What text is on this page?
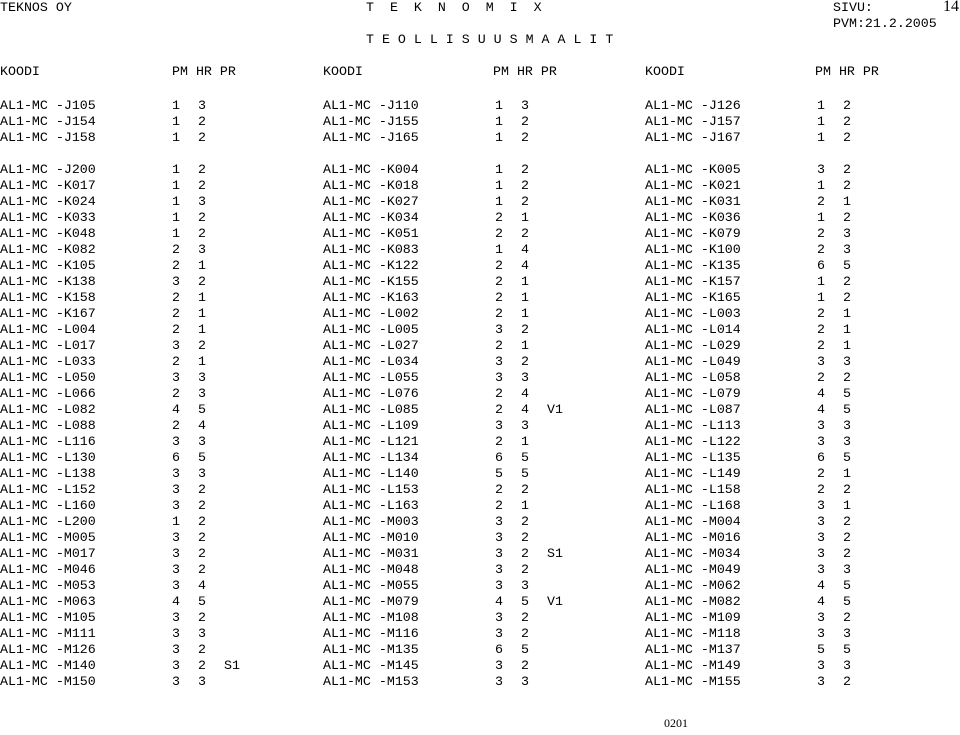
TEKNOS OY	T  E  K  N  O  M  I  X	SIVU:	14
T E O L L I S U U S M A A L I T
PVM:21.2.2005
KOODI	PM HR PR	KOODI	PM HR PR	KOODI	PM HR PR
AL1-MC -J105	1 3	AL1-MC -J110	1 3	AL1-MC -J126	1 2
AL1-MC -J154	1 2	AL1-MC -J155	1 2	AL1-MC -J157	1 2
AL1-MC -J158	1 2	AL1-MC -J165	1 2	AL1-MC -J167	1 2
AL1-MC -J200	1 2	AL1-MC -K004	1 2	AL1-MC -K005	3 2
AL1-MC -K017	1 2	AL1-MC -K018	1 2	AL1-MC -K021	1 2
AL1-MC -K024	1 3	AL1-MC -K027	1 2	AL1-MC -K031	2 1
AL1-MC -K033	1 2	AL1-MC -K034	2 1	AL1-MC -K036	1 2
AL1-MC -K048	1 2	AL1-MC -K051	2 2	AL1-MC -K079	2 3
AL1-MC -K082	2 3	AL1-MC -K083	1 4	AL1-MC -K100	2 3
AL1-MC -K105	2 1	AL1-MC -K122	2 4	AL1-MC -K135	6 5
AL1-MC -K138	3 2	AL1-MC -K155	2 1	AL1-MC -K157	1 2
AL1-MC -K158	2 1	AL1-MC -K163	2 1	AL1-MC -K165	1 2
AL1-MC -K167	2 1	AL1-MC -L002	2 1	AL1-MC -L003	2 1
AL1-MC -L004	2 1	AL1-MC -L005	3 2	AL1-MC -L014	2 1
AL1-MC -L017	3 2	AL1-MC -L027	2 1	AL1-MC -L029	2 1
AL1-MC -L033	2 1	AL1-MC -L034	3 2	AL1-MC -L049	3 3
AL1-MC -L050	3 3	AL1-MC -L055	3 3	AL1-MC -L058	2 2
AL1-MC -L066	2 3	AL1-MC -L076	2 4	AL1-MC -L079	4 5
AL1-MC -L082	4 5	AL1-MC -L085	2 4 V1	AL1-MC -L087	4 5
AL1-MC -L088	2 4	AL1-MC -L109	3 3	AL1-MC -L113	3 3
AL1-MC -L116	3 3	AL1-MC -L121	2 1	AL1-MC -L122	3 3
AL1-MC -L130	6 5	AL1-MC -L134	6 5	AL1-MC -L135	6 5
AL1-MC -L138	3 3	AL1-MC -L140	5 5	AL1-MC -L149	2 1
AL1-MC -L152	3 2	AL1-MC -L153	2 2	AL1-MC -L158	2 2
AL1-MC -L160	3 2	AL1-MC -L163	2 1	AL1-MC -L168	3 1
AL1-MC -L200	1 2	AL1-MC -M003	3 2	AL1-MC -M004	3 2
AL1-MC -M005	3 2	AL1-MC -M010	3 2	AL1-MC -M016	3 2
AL1-MC -M017	3 2	AL1-MC -M031	3 2 S1	AL1-MC -M034	3 2
AL1-MC -M046	3 2	AL1-MC -M048	3 2	AL1-MC -M049	3 3
AL1-MC -M053	3 4	AL1-MC -M055	3 3	AL1-MC -M062	4 5
AL1-MC -M063	4 5	AL1-MC -M079	4 5 V1	AL1-MC -M082	4 5
AL1-MC -M105	3 2	AL1-MC -M108	3 2	AL1-MC -M109	3 2
AL1-MC -M111	3 3	AL1-MC -M116	3 2	AL1-MC -M118	3 3
AL1-MC -M126	3 2	AL1-MC -M135	6 5	AL1-MC -M137	5 5
AL1-MC -M140	3 2 S1	AL1-MC -M145	3 2	AL1-MC -M149	3 3
AL1-MC -M150	3 3	AL1-MC -M153	3 3	AL1-MC -M155	3 2
0201
